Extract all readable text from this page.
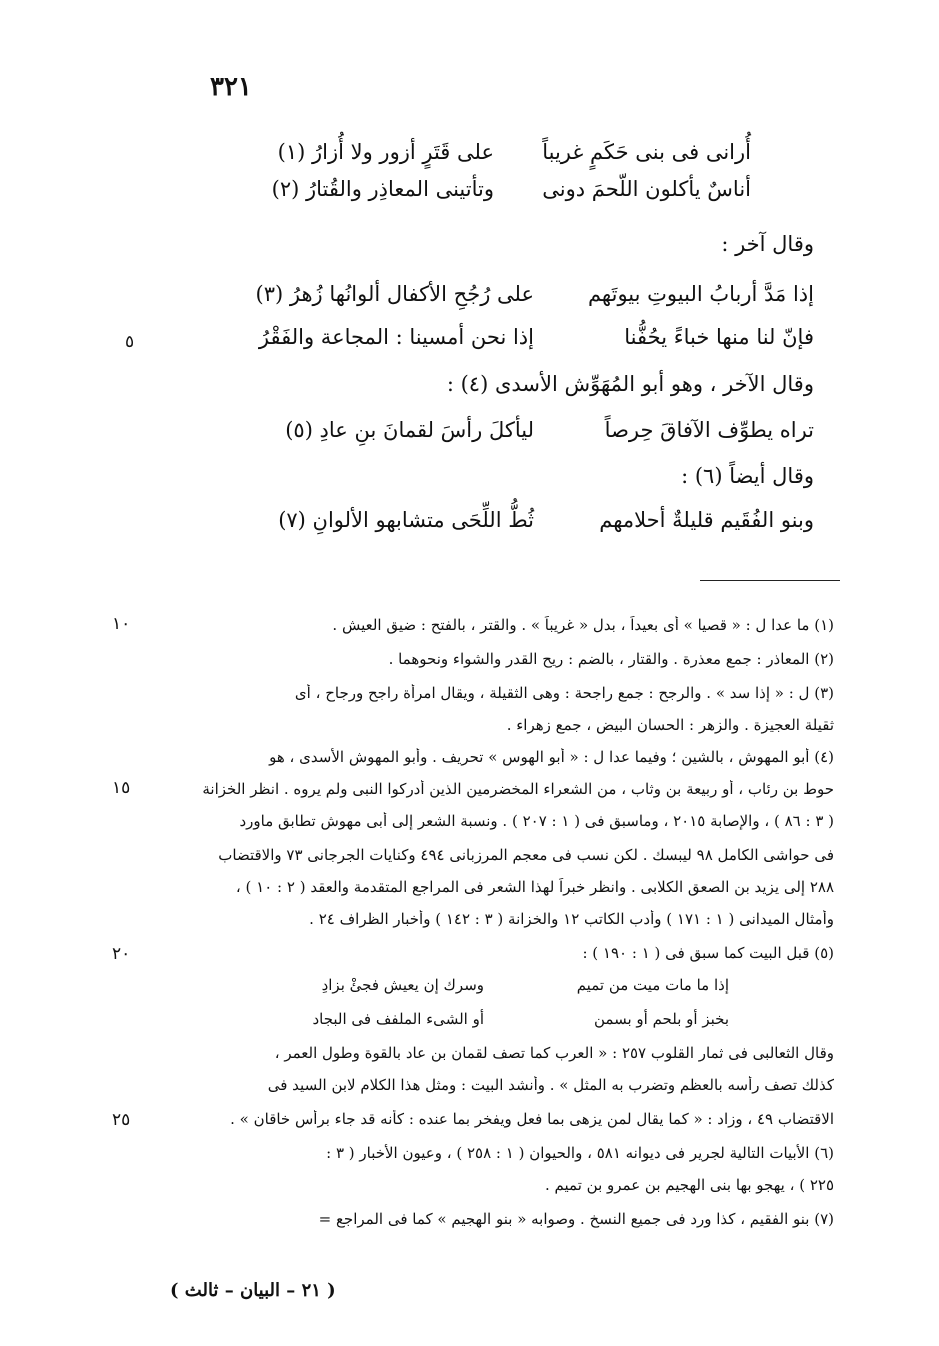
٣٢١
أُرانى فى بنى حَكَمٍ غريباً
على قَتَرٍ أزور ولا أُزارُ (١)
أناسٌ يأكلون اللّحمَ دونى
وتأتينى المعاذِر والقُتارُ (٢)
وقال آخر :
إذا مَدَّ أربابُ البيوتِ بيوتَهم
على رُجُحِ الأكفال ألوانُها زُهرُ (٣)
فإنّ لنا منها خباءً يحُفُّنا
إذا نحن أمسينا : المجاعة والفَقْرُ
٥
وقال الآخر ، وهو أبو المُهَوِّش الأسدى (٤) :
تراه يطوِّف الآفاقَ حِرصاً
ليأكلَ رأسَ لقمانَ بنِ عادِ (٥)
وقال أيضاً (٦) :
وبنو الفُقَيم قليلةٌ أحلامهم
ثُطُّ اللِّحَى متشابهو الألوانِ (٧)
(١) ما عدا ل : « قصيا » أى بعيداً ، بدل « غريباً » . والقتر ، بالفتح : ضيق العيش .
(٢) المعاذر : جمع معذرة . والقتار ، بالضم : ريح القدر والشواء ونحوهما .
(٣) ل : « إذا سد » . والرجح : جمع راجحة : وهى الثقيلة ، ويقال امرأة راجح ورجاح ، أى
ثقيلة العجيزة . والزهر : الحسان البيض ، جمع زهراء .
(٤) أبو المهوش ، بالشين ؛ وفيما عدا ل : « أبو الهوس » تحريف . وأبو المهوش الأسدى ، هو
حوط بن رئاب ، أو ربيعة بن وثاب ، من الشعراء المخضرمين الذين أدركوا النبى ولم يروه . انظر الخزانة
( ٣ : ٨٦ ) ، والإصابة ٢٠١٥ ، وماسبق فى ( ١ : ٢٠٧ ) . ونسبة الشعر إلى أبى مهوش تطابق ماورد
فى حواشى الكامل ٩٨ ليبسك . لكن نسب فى معجم المرزبانى ٤٩٤ وكنايات الجرجانى ٧٣ والاقتضاب
٢٨٨ إلى يزيد بن الصعق الكلابى . وانظر خبراً لهذا الشعر فى المراجع المتقدمة والعقد ( ٢ : ١٠ ) ،
وأمثال الميدانى ( ١ : ١٧١ ) وأدب الكاتب ١٢ والخزانة ( ٣ : ١٤٢ ) وأخبار الظراف ٢٤ .
(٥) قبل البيت كما سبق فى ( ١ : ١٩٠ ) :
إذا ما مات ميت من تميم
وسرك إن يعيش فجئْ بزادِ
بخبز أو بلحم أو بسمن
أو الشىء الملفف فى البجاد
وقال الثعالبى فى ثمار القلوب ٢٥٧ : « العرب كما تصف لقمان بن عاد بالقوة وطول العمر ،
كذلك تصف رأسه بالعظم وتضرب به المثل » . وأنشد البيت : ومثل هذا الكلام لابن السيد فى
الاقتضاب ٤٩ ، وزاد : « كما يقال لمن يزهى بما فعل ويفخر بما عنده : كأنه قد جاء برأس خاقان » .
(٦) الأبيات التالية لجرير فى ديوانه ٥٨١ ، والحيوان ( ١ : ٢٥٨ ) ، وعيون الأخبار ( ٣ :
٢٢٥ ) ، يهجو بها بنى الهجيم بن عمرو بن تميم .
(٧) بنو الفقيم ، كذا ورد فى جميع النسخ . وصوابه « بنو الهجيم » كما فى المراجع =
١٠
١٥
٢٠
٢٥
( ٢١ – البيان – ثالث )
